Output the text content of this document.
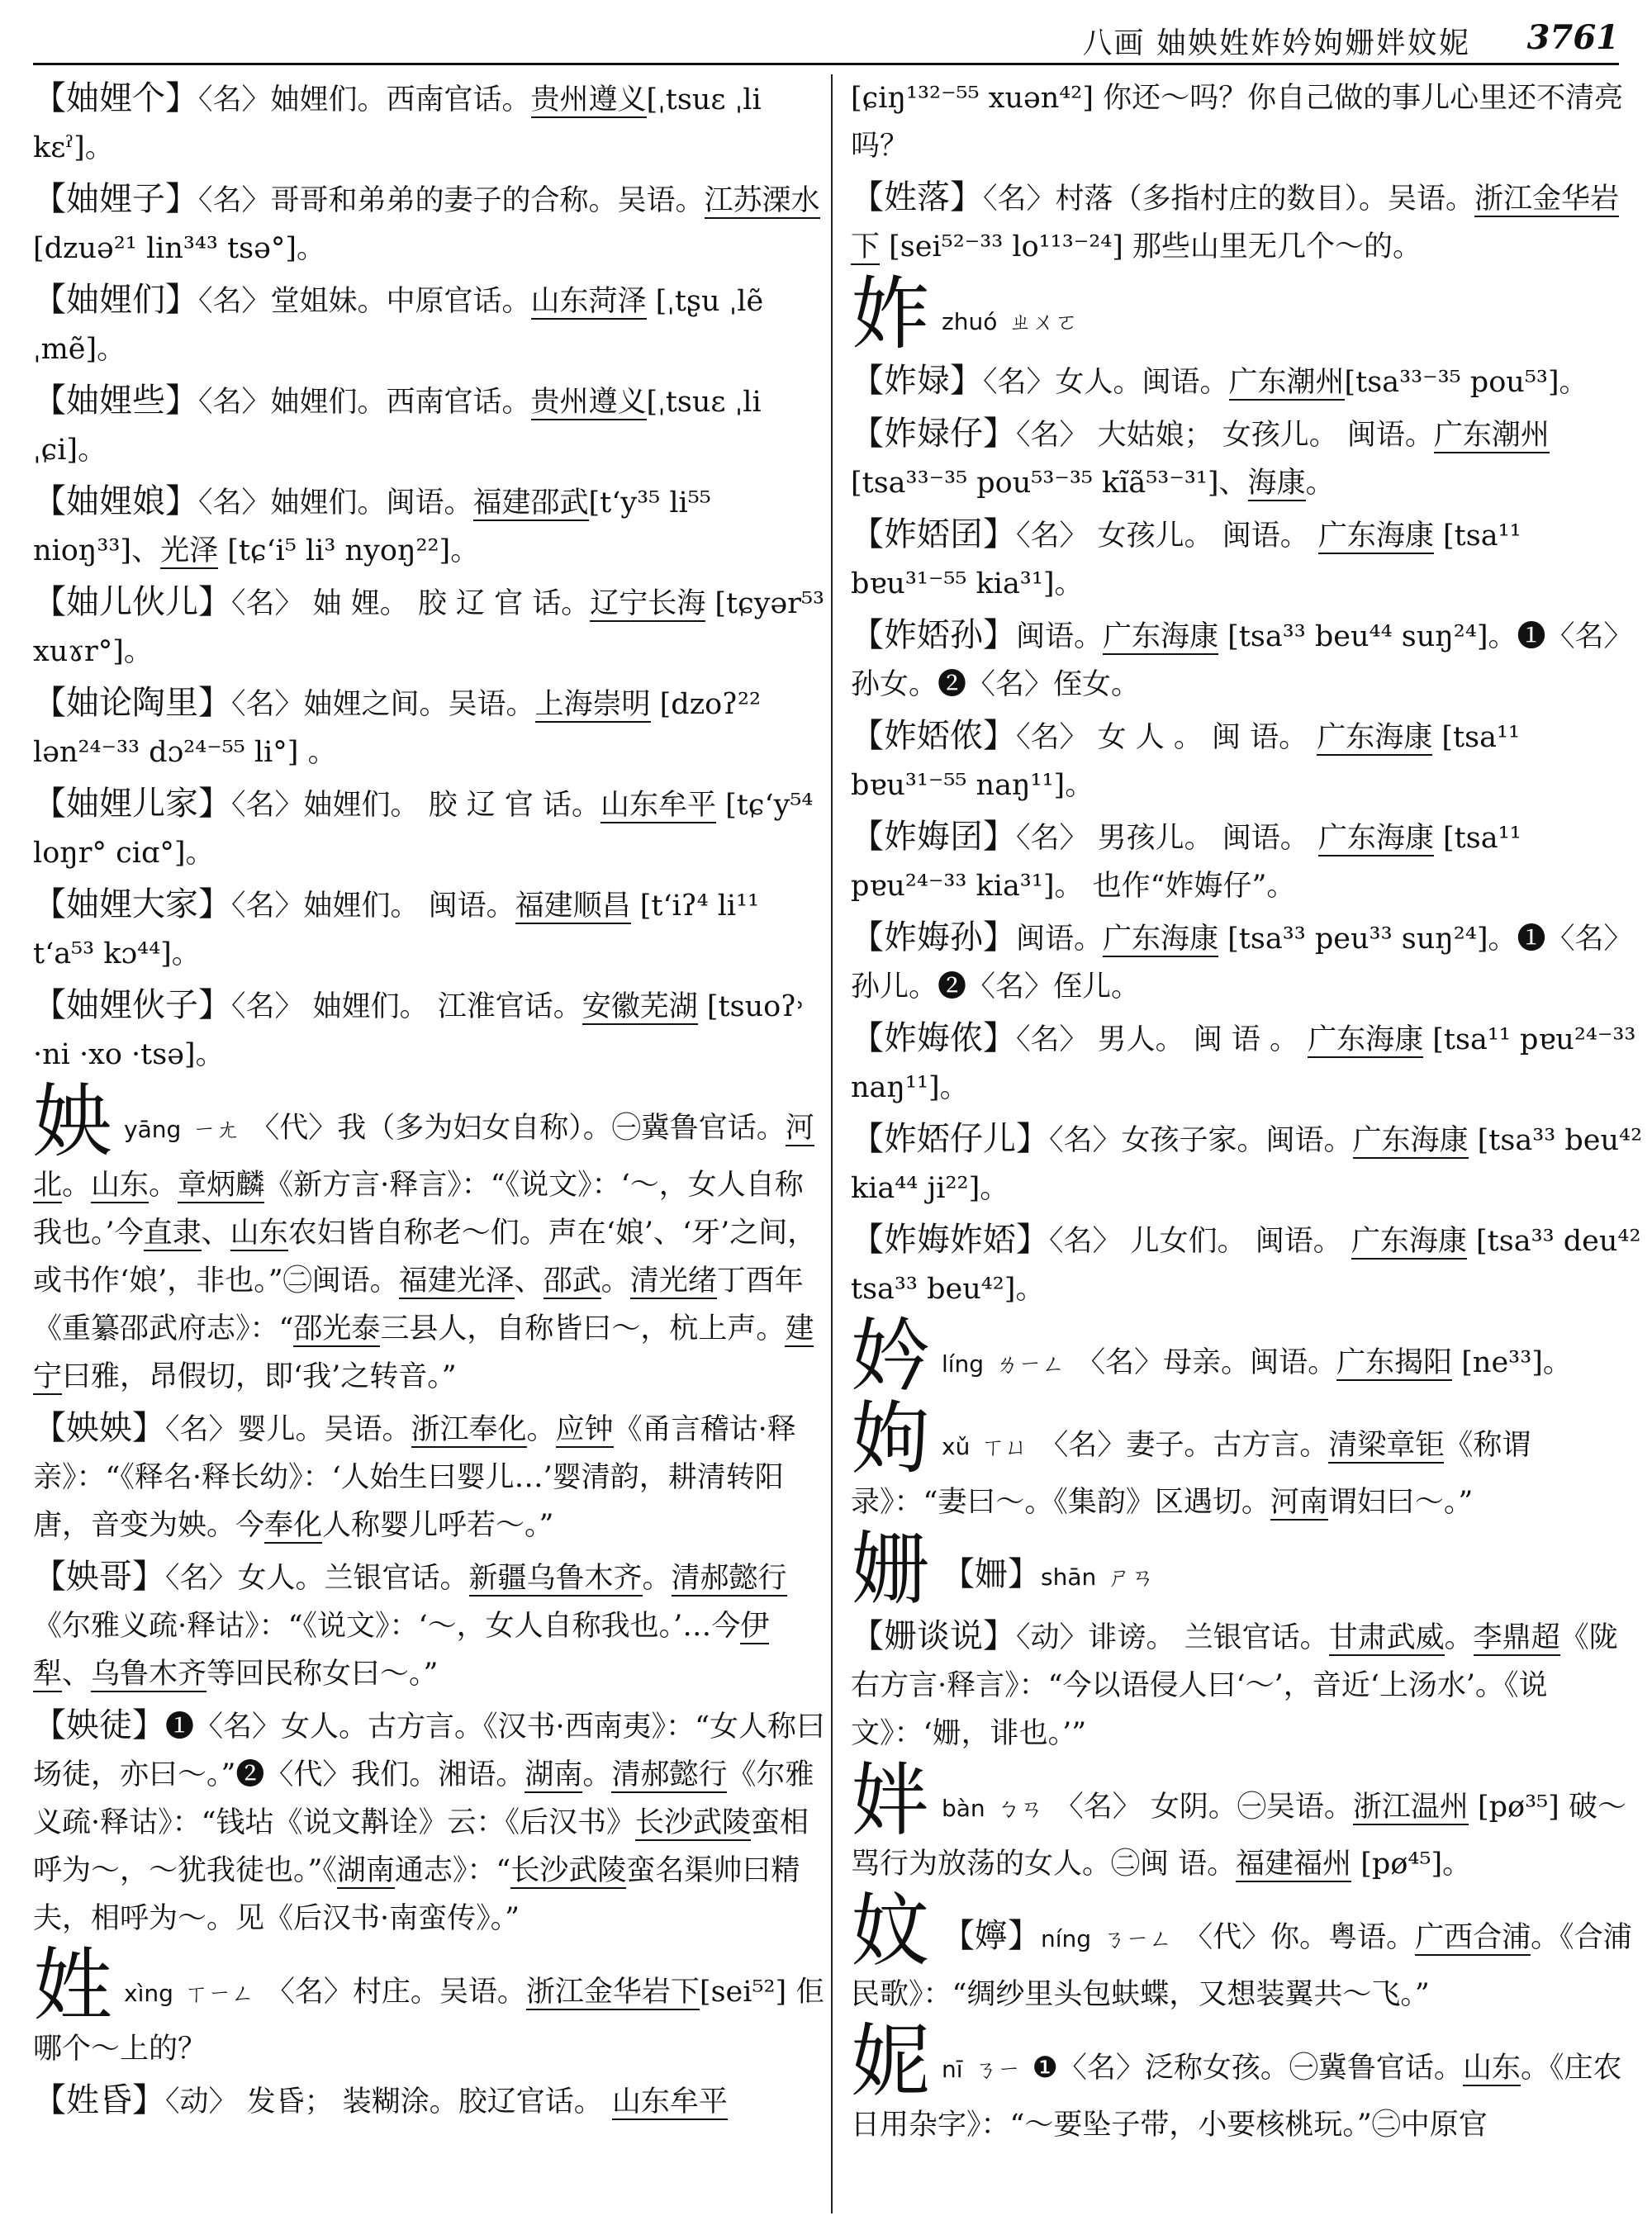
八画 妯姎姓妰妗姁姗姅妏妮 3761

【妯娌个】〈名〉妯娌们。西南官话。贵州遵义[ˌtsuɛ ˌli kɛˀ]。

【妯娌子】〈名〉哥哥和弟弟的妻子的合称。吴语。江苏溧水 [dzuə²¹ lin³⁴³ tsə°]。

【妯娌们】〈名〉堂姐妹。中原官话。山东菏泽 [ˌtʂu ˌlẽ ˌmẽ]。

【妯娌些】〈名〉妯娌们。西南官话。贵州遵义[ˌtsuɛ ˌli ˌɕi]。

【妯娌娘】〈名〉妯娌们。闽语。福建邵武[tʻy³⁵ li⁵⁵ nioŋ³³]、光泽 [tɕʻi⁵ li³ nyoŋ²²]。

【妯儿伙儿】〈名〉 妯 娌。 胶 辽 官 话。辽宁长海 [tɕyər⁵³ xuɤr°]。

【妯论陶里】〈名〉妯娌之间。吴语。上海崇明 [dzoʔ²² lən²⁴⁻³³ dɔ²⁴⁻⁵⁵ li°] 。

【妯娌儿家】〈名〉妯娌们。 胶 辽 官 话。山东牟平 [tɕʻy⁵⁴ loŋr° ciɑ°]。

【妯娌大家】〈名〉妯娌们。 闽语。福建顺昌 [tʻiʔ⁴ li¹¹ tʻa⁵³ kɔ⁴⁴]。

【妯娌伙子】〈名〉 妯娌们。 江淮官话。安徽芜湖 [tsuoʔ˒ ·ni ·xo ·tsə]。

姎yāng ㄧㄤ 〈代〉我（多为妇女自称）。㊀冀鲁官话。河北。山东。章炳麟《新方言·释言》：“《说文》：‘～，女人自称我也。’今直隶、山东农妇皆自称老～们。声在‘娘’、‘牙’之间，或书作‘娘’，非也。”㊁闽语。福建光泽、邵武。清光绪丁酉年《重纂邵武府志》：“邵光泰三县人，自称皆曰～，杭上声。建宁曰雅，昂假切，即‘我’之转音。”

【姎姎】〈名〉婴儿。吴语。浙江奉化。应钟《甬言稽诂·释亲》：“《释名·释长幼》：‘人始生曰婴儿…’婴清韵，耕清转阳唐，音变为姎。今奉化人称婴儿呼若～。”

【姎哥】〈名〉女人。兰银官话。新疆乌鲁木齐。清郝懿行《尔雅义疏·释诂》：“《说文》：‘～，女人自称我也。’…今伊犁、乌鲁木齐等回民称女曰～。”

【姎徒】❶〈名〉女人。古方言。《汉书·西南夷》：“女人称曰场徒，亦曰～。”❷〈代〉我们。湘语。湖南。清郝懿行《尔雅义疏·释诂》：“钱坫《说文斠诠》云：《后汉书》长沙武陵蛮相呼为～，～犹我徒也。”《湖南通志》：“长沙武陵蛮名渠帅曰精夫，相呼为～。见《后汉书·南蛮传》。”

姓xìng ㄒㄧㄥ 〈名〉村庄。吴语。浙江金华岩下[sei⁵²] 佢哪个～上的？

【姓昏】〈动〉 发昏； 装糊涂。胶辽官话。 山东牟平

[ɕiŋ¹³²⁻⁵⁵ xuən⁴²] 你还～吗？你自己做的事儿心里还不清亮吗？

【姓落】〈名〉村落（多指村庄的数目）。吴语。浙江金华岩下 [sei⁵²⁻³³ lo¹¹³⁻²⁴] 那些山里无几个～的。

妰zhuó ㄓㄨㄛ

【妰娽】〈名〉女人。闽语。广东潮州[tsa³³⁻³⁵ pou⁵³]。

【妰娽仔】〈名〉 大姑娘； 女孩儿。 闽语。广东潮州 [tsa³³⁻³⁵ pou⁵³⁻³⁵ kĩã⁵³⁻³¹]、海康。

【妰娝囝】〈名〉 女孩儿。 闽语。 广东海康 [tsa¹¹ bɐu³¹⁻⁵⁵ kia³¹]。

【妰娝孙】闽语。广东海康 [tsa³³ beu⁴⁴ suŋ²⁴]。❶〈名〉孙女。❷〈名〉侄女。

【妰娝侬】〈名〉 女 人 。 闽 语。 广东海康 [tsa¹¹ bɐu³¹⁻⁵⁵ naŋ¹¹]。

【妰娒囝】〈名〉 男孩儿。 闽语。 广东海康 [tsa¹¹ pɐu²⁴⁻³³ kia³¹]。 也作“妰娒仔”。

【妰娒孙】闽语。广东海康 [tsa³³ peu³³ suŋ²⁴]。❶〈名〉孙儿。❷〈名〉侄儿。

【妰娒侬】〈名〉 男人。 闽 语 。 广东海康 [tsa¹¹ pɐu²⁴⁻³³ naŋ¹¹]。

【妰娝仔儿】〈名〉女孩子家。闽语。广东海康 [tsa³³ beu⁴² kia⁴⁴ ji²²]。

【妰娒妰娝】〈名〉 儿女们。 闽语。 广东海康 [tsa³³ deu⁴² tsa³³ beu⁴²]。

妗líng ㄌㄧㄥ 〈名〉母亲。闽语。广东揭阳 [ne³³]。

姁xǔ ㄒㄩ 〈名〉妻子。古方言。清梁章钜《称谓录》：“妻曰～。《集韵》区遇切。河南谓妇曰～。”

姗 【姍】shān ㄕㄢ

【姗谈说】〈动〉诽谤。 兰银官话。甘肃武威。李鼎超《陇右方言·释言》：“今以语侵人曰‘～’，音近‘上汤水’。《说文》：‘姗，诽也。’”

姅bàn ㄅㄢ 〈名〉 女阴。㊀吴语。浙江温州 [pø³⁵] 破～骂行为放荡的女人。㊁闽 语。福建福州 [pø⁴⁵]。

妏 【嬣】níng ㄋㄧㄥ 〈代〉你。粤语。广西合浦。《合浦民歌》：“绸纱里头包蚨蝶，又想装翼共～飞。”

妮nī ㄋㄧ ❶〈名〉泛称女孩。㊀冀鲁官话。山东。《庄农日用杂字》：“～要坠子带，小要核桃玩。”㊁中原官
